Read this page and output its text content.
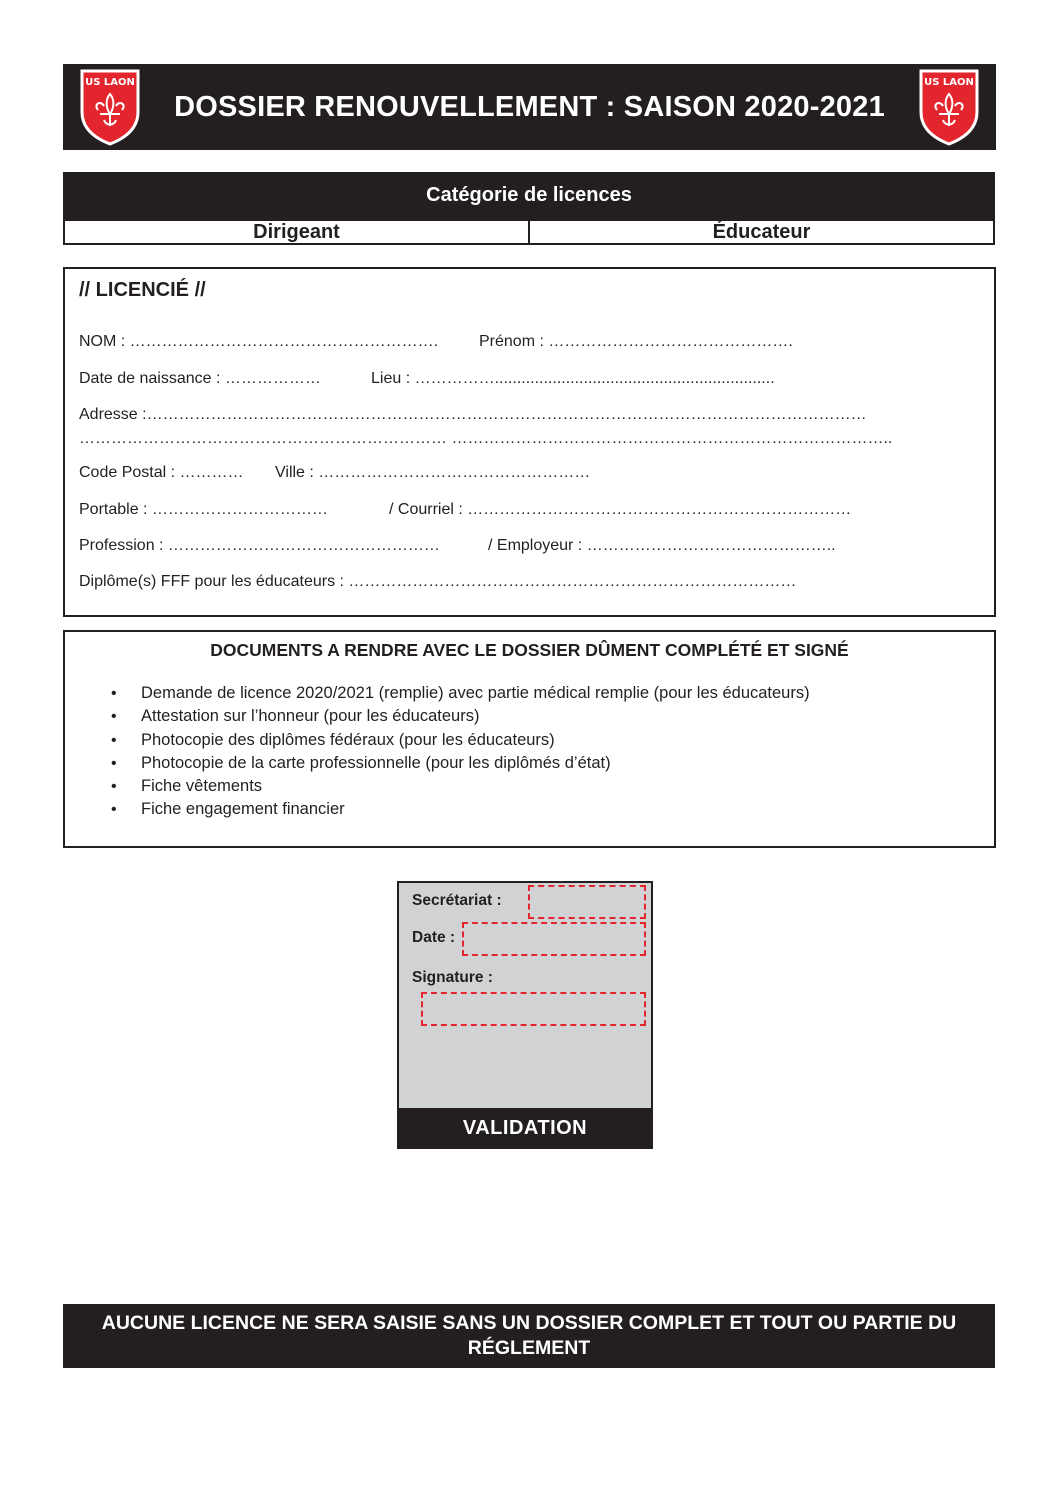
US LAON
DOSSIER RENOUVELLEMENT : SAISON 2020-2021
US LAON
Catégorie de licences
Dirigeant	Éducateur
// LICENCIÉ //
NOM : ………………………………………………….	Prénom : ……………………………………….
Date de naissance : ………………	Lieu : ……………...............................................................
Adresse :………………………………………………………………………………………………………………………
…………………………………………………………… ………………………………………………………………………..
Code Postal : ………… Ville : ……………………………………………
Portable : ……………………………	/ Courriel : ………………………………………………………………
Profession : ……………………………………………	/ Employeur : ………………………………………..
Diplôme(s) FFF pour les éducateurs : …………………………………………………………………………
DOCUMENTS A RENDRE AVEC LE DOSSIER DÛMENT COMPLÉTÉ ET SIGNÉ
• Demande de licence 2020/2021 (remplie) avec partie médical remplie (pour les éducateurs)
• Attestation sur l’honneur (pour les éducateurs)
• Photocopie des diplômes fédéraux (pour les éducateurs)
• Photocopie de la carte professionnelle (pour les diplômés d’état)
• Fiche vêtements
• Fiche engagement financier
Secrétariat :
Date :
Signature :
VALIDATION
AUCUNE LICENCE NE SERA SAISIE SANS UN DOSSIER COMPLET ET TOUT OU PARTIE DU RÉGLEMENT
